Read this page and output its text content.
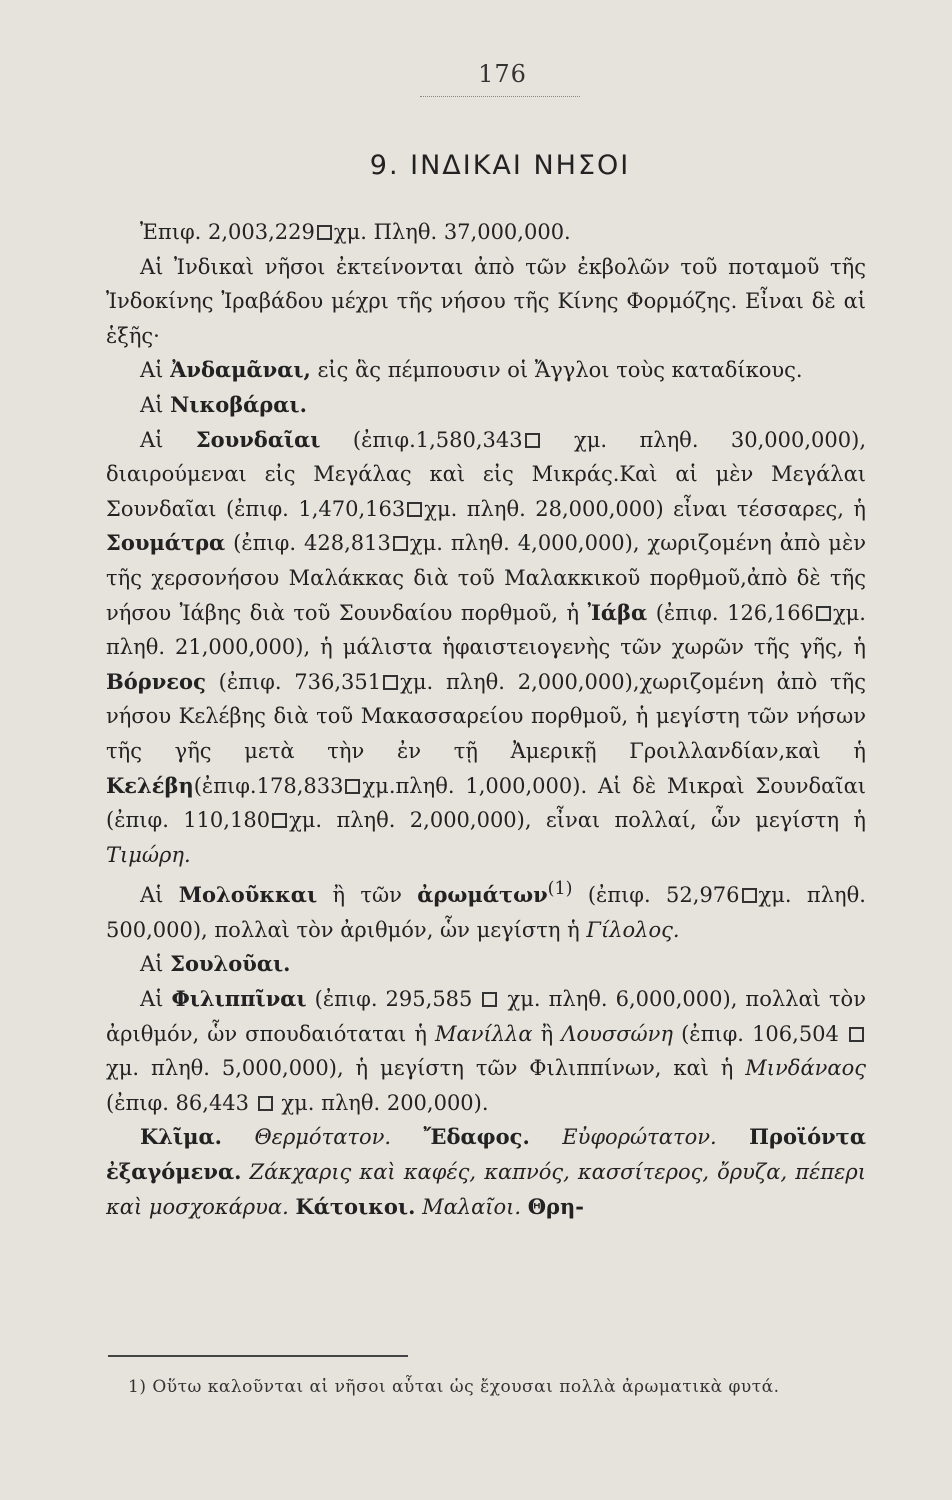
176
9. ΙΝΔΙΚΑΙ ΝΗΣΟΙ

Ἐπιφ. 2,003,229 χμ. Πληθ. 37,000,000.

Αἱ Ἰνδικαὶ νῆσοι ἐκτείνονται ἀπὸ τῶν ἐκβολῶν τοῦ ποταμοῦ τῆς Ἰνδοκίνης Ἰραβάδου μέχρι τῆς νήσου τῆς Κίνης Φορμόζης. Εἶναι δὲ αἱ ἑξῆς·

Αἱ Ἀνδαμᾶναι, εἰς ἃς πέμπουσιν οἱ Ἄγγλοι τοὺς καταδίκους.

Αἱ Νικοβάραι.

Αἱ Σουνδαῖαι (ἐπιφ.1,580,343 χμ. πληθ. 30,000,000), διαιρούμεναι εἰς Μεγάλας καὶ εἰς Μικράς.Καὶ αἱ μὲν Μεγάλαι Σουνδαῖαι (ἐπιφ. 1,470,163 χμ. πληθ. 28,000,000) εἶναι τέσσαρες, ἡ Σουμάτρα (ἐπιφ. 428,813 χμ. πληθ. 4,000,000), χωριζομένη ἀπὸ μὲν τῆς χερσονήσου Μαλάκκας διὰ τοῦ Μαλακκικοῦ πορθμοῦ,ἀπὸ δὲ τῆς νήσου Ἰάβης διὰ τοῦ Σουνδαίου πορθμοῦ, ἡ Ἰάβα (ἐπιφ. 126,166 χμ. πληθ. 21,000,000), ἡ μάλιστα ἡφαιστειογενὴς τῶν χωρῶν τῆς γῆς, ἡ Βόρνεος (ἐπιφ. 736,351 χμ. πληθ. 2,000,000),χωριζομένη ἀπὸ τῆς νήσου Κελέβης διὰ τοῦ Μακασσαρείου πορθμοῦ, ἡ μεγίστη τῶν νήσων τῆς γῆς μετὰ τὴν ἐν τῇ Ἀμερικῇ Γροιλλανδίαν,καὶ ἡ Κελέβη(ἐπιφ.178,833 χμ.πληθ. 1,000,000). Αἱ δὲ Μικραὶ Σουνδαῖαι (ἐπιφ. 110,180 χμ. πληθ. 2,000,000), εἶναι πολλαί, ὧν μεγίστη ἡ Τιμώρη.

Αἱ Μολοῦκκαι ἢ τῶν ἀρωμάτων$^{(1)}$ (ἐπιφ. 52,976 χμ. πληθ. 500,000), πολλαὶ τὸν ἀριθμόν, ὧν μεγίστη ἡ Γίλολος.

Αἱ Σουλοῦαι.

Αἱ Φιλιππῖναι (ἐπιφ. 295,585 χμ. πληθ. 6,000,000), πολλαὶ τὸν ἀριθμόν, ὧν σπουδαιόταται ἡ Μανίλλα ἢ Λουσσώνη (ἐπιφ. 106,504  χμ. πληθ. 5,000,000), ἡ μεγίστη τῶν Φιλιππίνων, καὶ ἡ Μινδάναος (ἐπιφ. 86,443 χμ. πληθ. 200,000).

Κλῖμα. Θερμότατον. Ἔδαφος. Εὐφορώτατον. Προϊόντα ἐξαγόμενα. Ζάκχαρις καὶ καφές, καπνός, κασσίτερος, ὄρυζα, πέπερι καὶ μοσχοκάρυα. Κάτοικοι. Μαλαῖοι. Θρη-

1) Οὕτω καλοῦνται αἱ νῆσοι αὗται ὡς ἔχουσαι πολλὰ ἀρωματικὰ φυτά.
